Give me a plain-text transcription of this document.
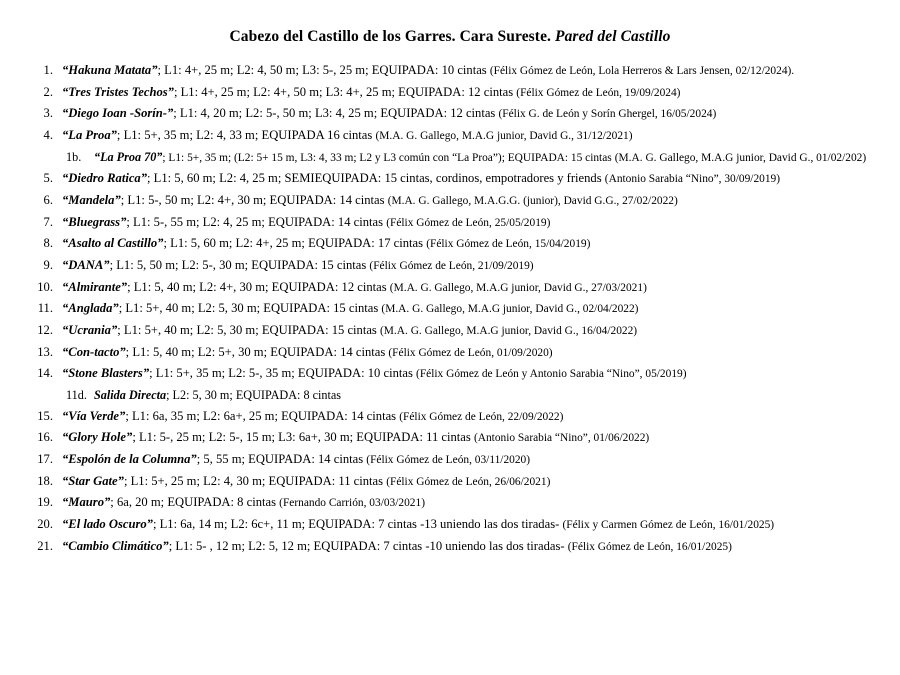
Cabezo del Castillo de los Garres. Cara Sureste. Pared del Castillo
1. “Hakuna Matata”; L1: 4+, 25 m; L2: 4, 50 m; L3: 5-, 25 m; EQUIPADA: 10 cintas (Félix Gómez de León, Lola Herreros & Lars Jensen, 02/12/2024).
2. “Tres Tristes Techos”; L1: 4+, 25 m; L2: 4+, 50 m; L3: 4+, 25 m; EQUIPADA: 12 cintas (Félix Gómez de León, 19/09/2024)
3. “Diego Ioan -Sorín-”; L1: 4, 20 m; L2: 5-, 50 m; L3: 4, 25 m; EQUIPADA: 12 cintas (Félix G. de León y Sorín Ghergel, 16/05/2024)
4. “La Proa”; L1: 5+, 35 m; L2: 4, 33 m; EQUIPADA 16 cintas (M.A. G. Gallego, M.A.G junior, David G., 31/12/2021)
1b.	“La Proa 70”; L1: 5+, 35 m; (L2: 5+ 15 m, L3: 4, 33 m; L2 y L3 común con “La Proa”); EQUIPADA: 15 cintas (M.A. G. Gallego, M.A.G junior, David G., 01/02/202)
5. “Diedro Ratica”; L1: 5, 60 m; L2: 4, 25 m; SEMIEQUIPADA: 15 cintas, cordinos, empotradores y friends (Antonio Sarabia “Nino”, 30/09/2019)
6. “Mandela”; L1: 5-, 50 m; L2: 4+, 30 m; EQUIPADA: 14 cintas (M.A. G. Gallego, M.A.G.G. (junior), David G.G., 27/02/2022)
7. “Bluegrass”; L1: 5-, 55 m; L2: 4, 25 m; EQUIPADA: 14 cintas (Félix Gómez de León, 25/05/2019)
8. “Asalto al Castillo”; L1: 5, 60 m; L2: 4+, 25 m; EQUIPADA: 17 cintas (Félix Gómez de León, 15/04/2019)
9. “DANA”; L1: 5, 50 m; L2: 5-, 30 m; EQUIPADA: 15 cintas (Félix Gómez de León, 21/09/2019)
10. “Almirante”; L1: 5, 40 m; L2: 4+, 30 m; EQUIPADA: 12 cintas (M.A. G. Gallego, M.A.G junior, David G., 27/03/2021)
11. “Anglada”; L1: 5+, 40 m; L2: 5, 30 m; EQUIPADA: 15 cintas (M.A. G. Gallego, M.A.G junior, David G., 02/04/2022)
12. “Ucrania”; L1: 5+, 40 m; L2: 5, 30 m; EQUIPADA: 15 cintas (M.A. G. Gallego, M.A.G junior, David G., 16/04/2022)
13. “Con-tacto”; L1: 5, 40 m; L2: 5+, 30 m; EQUIPADA: 14 cintas (Félix Gómez de León, 01/09/2020)
14. “Stone Blasters”; L1: 5+, 35 m; L2: 5-, 35 m; EQUIPADA: 10 cintas (Félix Gómez de León y Antonio Sarabia “Nino”, 05/2019)
11d. Salida Directa; L2: 5, 30 m; EQUIPADA: 8 cintas
15. “Vía Verde”; L1: 6a, 35 m; L2: 6a+, 25 m; EQUIPADA: 14 cintas (Félix Gómez de León, 22/09/2022)
16. “Glory Hole”; L1: 5-, 25 m; L2: 5-, 15 m; L3: 6a+, 30 m; EQUIPADA: 11 cintas (Antonio Sarabia “Nino”, 01/06/2022)
17. “Espolón de la Columna”; 5, 55 m; EQUIPADA: 14 cintas (Félix Gómez de León, 03/11/2020)
18. “Star Gate”; L1: 5+, 25 m; L2: 4, 30 m; EQUIPADA: 11 cintas (Félix Gómez de León, 26/06/2021)
19. “Mauro”; 6a, 20 m; EQUIPADA: 8 cintas (Fernando Carrión, 03/03/2021)
20. “El lado Oscuro”; L1: 6a, 14 m; L2: 6c+, 11 m; EQUIPADA: 7 cintas -13 uniendo las dos tiradas- (Félix y Carmen Gómez de León, 16/01/2025)
21. “Cambio Climático”; L1: 5- , 12 m; L2: 5, 12 m; EQUIPADA: 7 cintas -10 uniendo las dos tiradas- (Félix Gómez de León, 16/01/2025)
